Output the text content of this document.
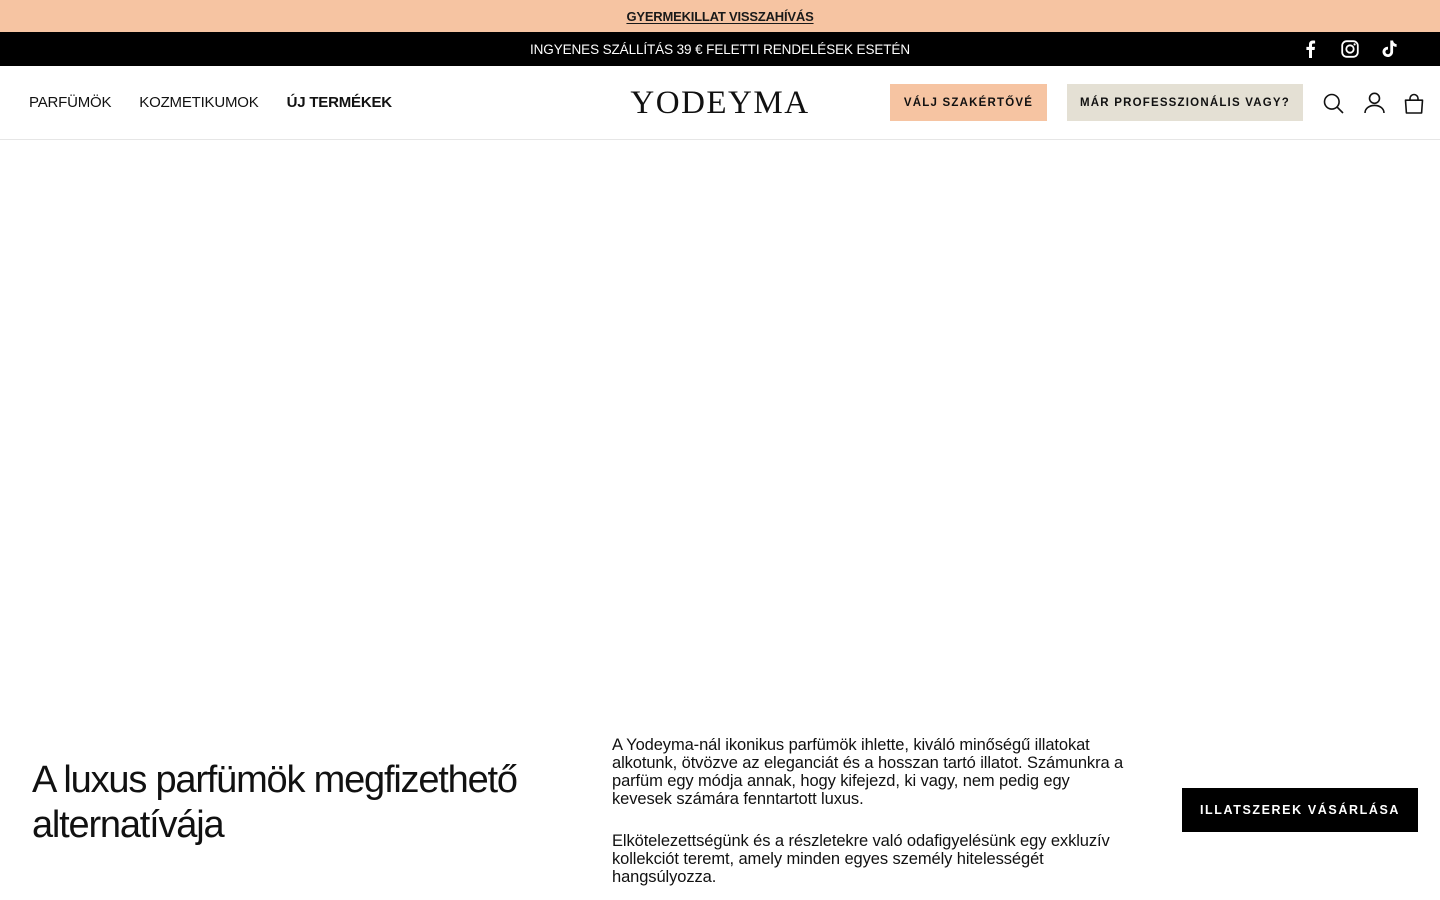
GYERMEKILLAT VISSZAHÍVÁS
INGYENES SZÁLLÍTÁS 39 € FELETTI RENDELÉSEK ESETÉN
PARFÜMÖK KOZMETIKUMOK ÚJ TERMÉKEK	YODEYMA	VÁLJ SZAKÉRTŐVÉ	MÁR PROFESSZIONÁLIS VAGY?
A luxus parfümök megfizethető alternatívája

A Yodeyma-nál ikonikus parfümök ihlette, kiváló minőségű illatokat alkotunk, ötvözve az eleganciát és a hosszan tartó illatot. Számunkra a parfüm egy módja annak, hogy kifejezd, ki vagy, nem pedig egy kevesek számára fenntartott luxus.

Elkötelezettségünk és a részletekre való odafigyelésünk egy exkluzív kollekciót teremt, amely minden egyes személy hitelességét hangsúlyozza.

ILLATSZEREK VÁSÁRLÁSA
